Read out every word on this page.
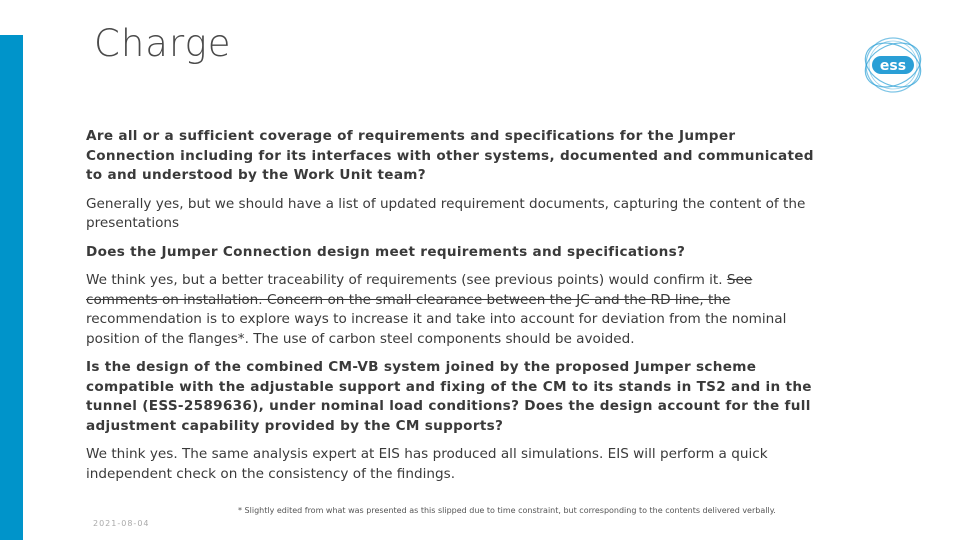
Charge
ess
Are all or a sufficient coverage of requirements and specifications for the Jumper Connection including for its interfaces with other systems, documented and communicated to and understood by the Work Unit team?
Generally yes, but we should have a list of updated requirement documents, capturing the content of the presentations
Does the Jumper Connection design meet requirements and specifications?
We think yes, but a better traceability of requirements (see previous points) would confirm it. See comments on installation. Concern on the small clearance between the JC and the RD line, the recommendation is to explore ways to increase it and take into account for deviation from the nominal position of the flanges*. The use of carbon steel components should be avoided.
Is the design of the combined CM-VB system joined by the proposed Jumper scheme compatible with the adjustable support and fixing of the CM to its stands in TS2 and in the tunnel (ESS-2589636), under nominal load conditions? Does the design account for the full adjustment capability provided by the CM supports?
We think yes. The same analysis expert at EIS has produced all simulations. EIS will perform a quick independent check on the consistency of the findings.
* Slightly edited from what was presented as this slipped due to time constraint, but corresponding to the contents delivered verbally.
2021-08-04
